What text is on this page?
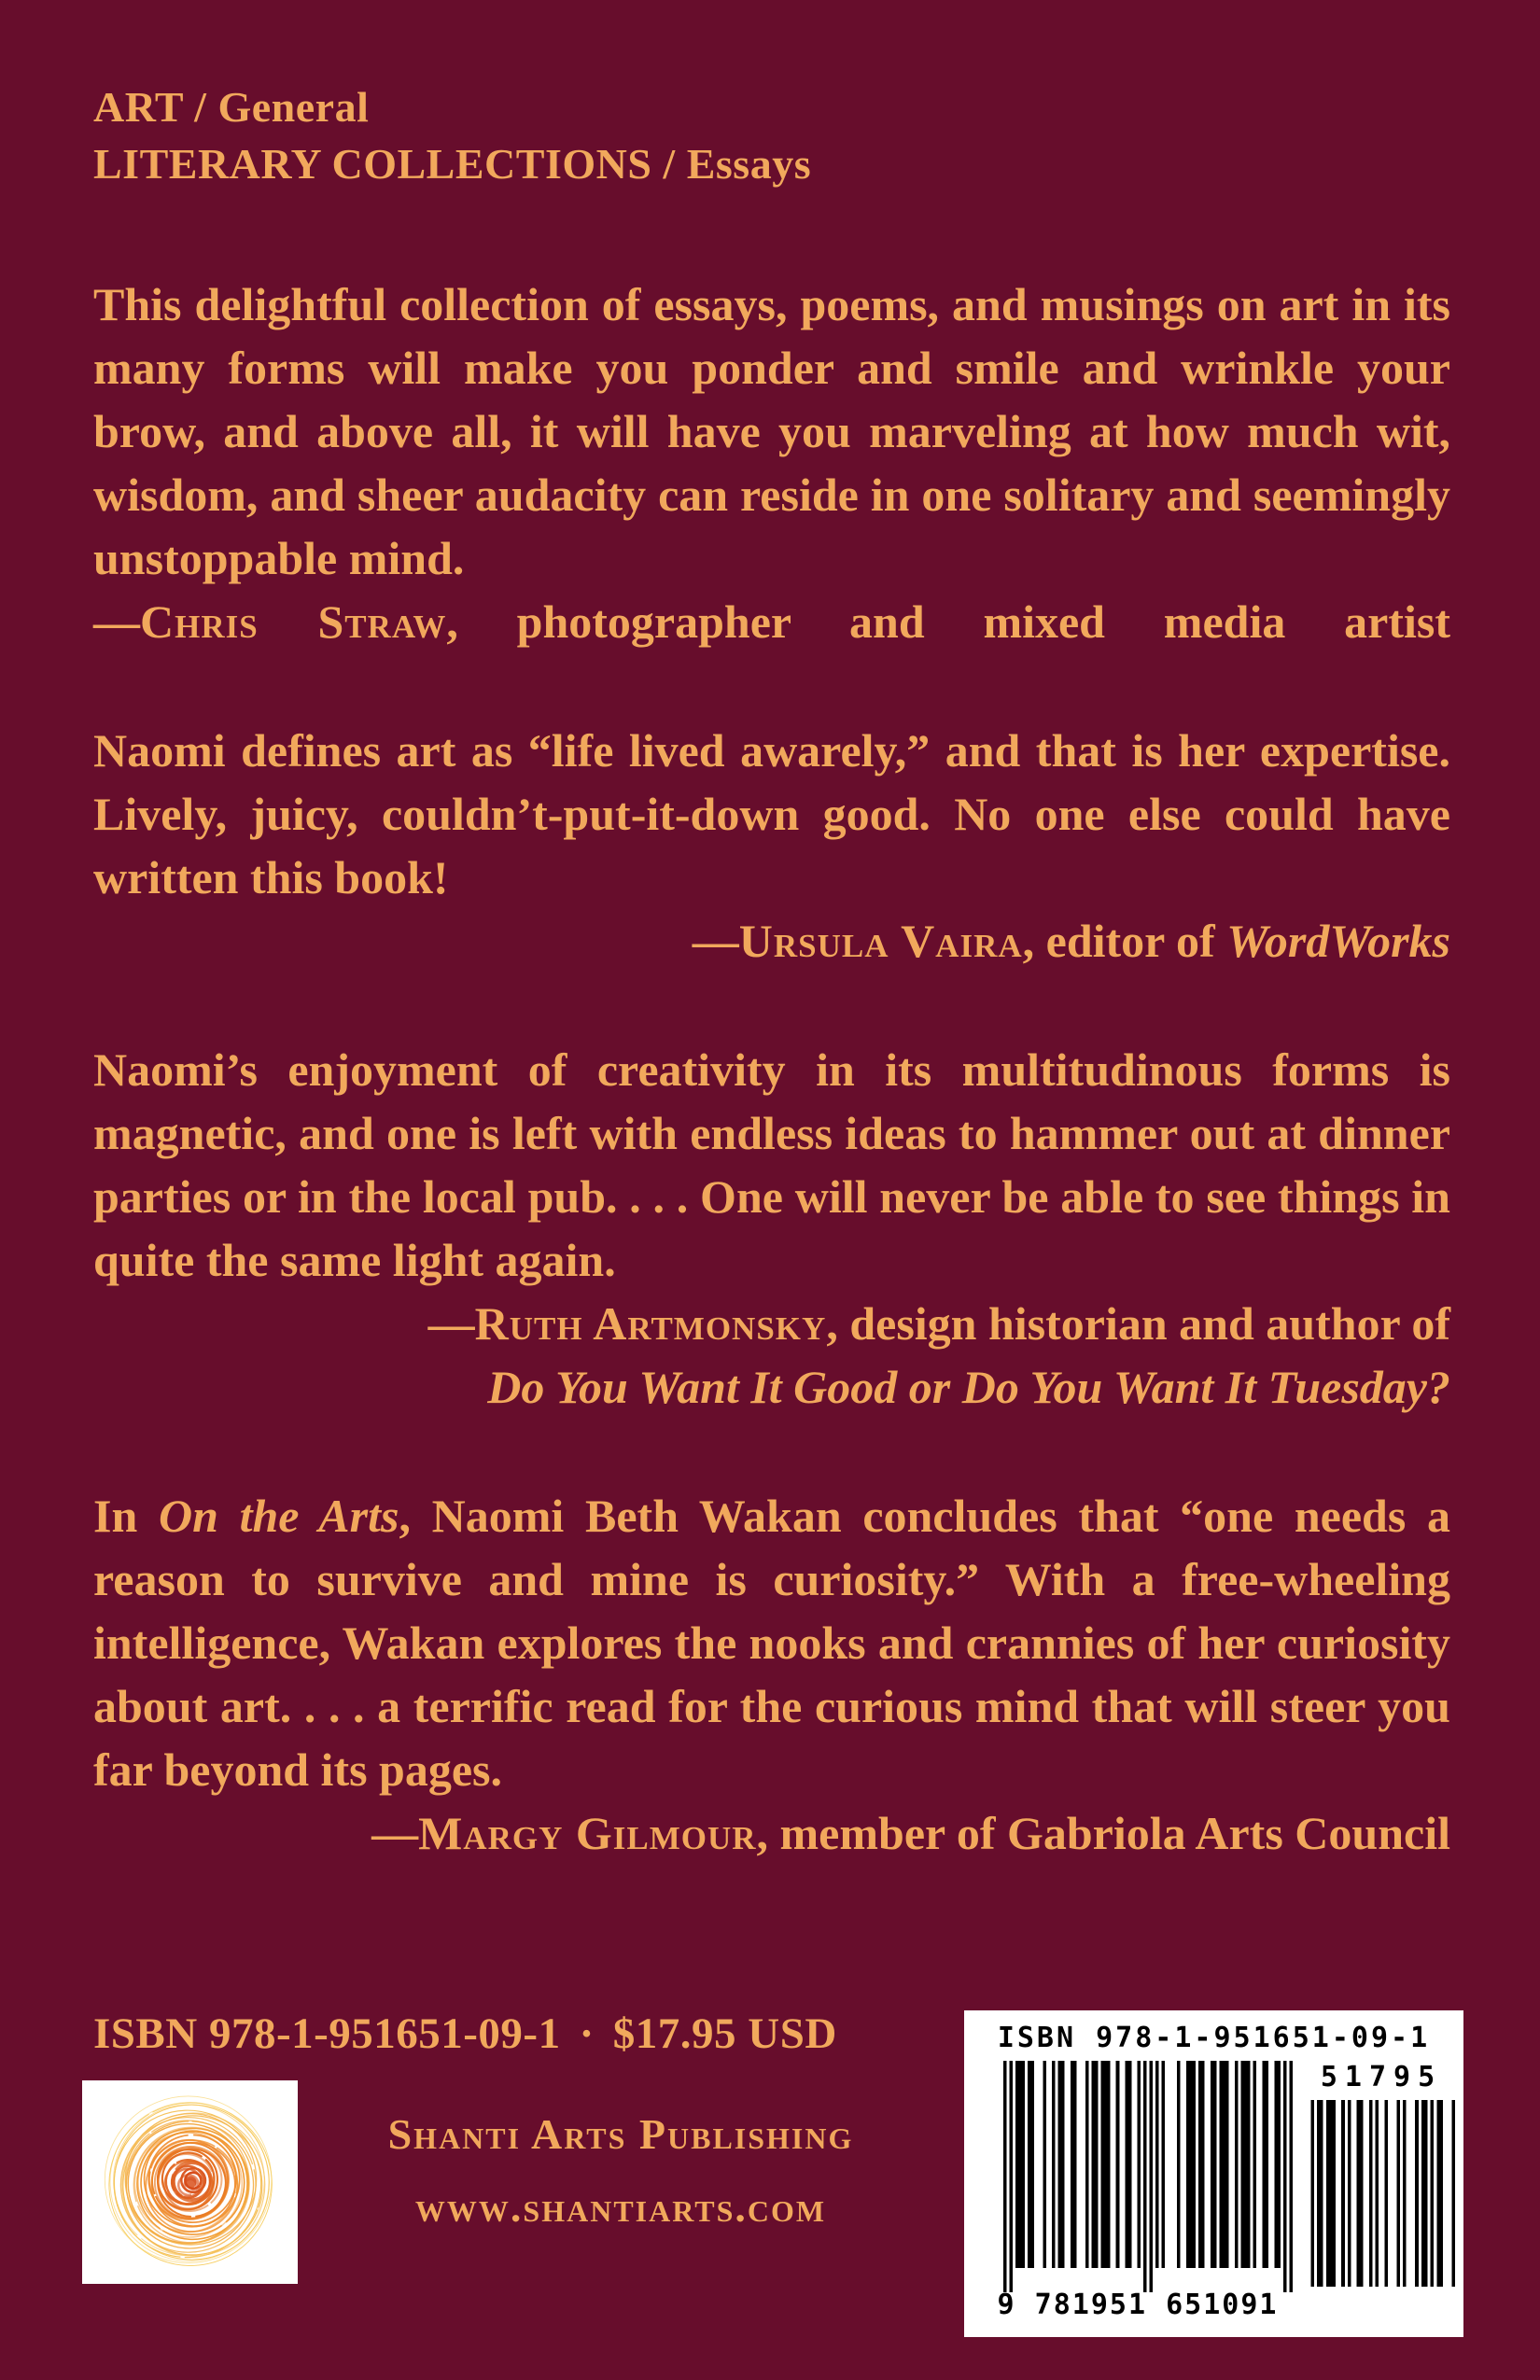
ART / General
LITERARY COLLECTIONS / Essays

This delightful collection of essays, poems, and musings on art in its many forms will make you ponder and smile and wrinkle your brow, and above all, it will have you marveling at how much wit, wisdom, and sheer audacity can reside in one solitary and seemingly unstoppable mind.

—Chris Straw, photographer and mixed media artist

Naomi defines art as “life lived awarely,” and that is her expertise. Lively, juicy, couldn’t-put-it-down good. No one else could have written this book!

—Ursula Vaira, editor of WordWorks

Naomi’s enjoyment of creativity in its multitudinous forms is magnetic, and one is left with endless ideas to hammer out at dinner parties or in the local pub. . . . One will never be able to see things in quite the same light again.

—Ruth Artmonsky, design historian and author of

Do You Want It Good or Do You Want It Tuesday?

In On the Arts, Naomi Beth Wakan concludes that “one needs a reason to survive and mine is curiosity.” With a free-wheeling intelligence, Wakan explores the nooks and crannies of her curiosity about art. . . . a terrific read for the curious mind that will steer you far beyond its pages.

—Margy Gilmour, member of Gabriola Arts Council

ISBN 978-1-951651-09-1 · $17.95 USD
Shanti Arts Publishing
www.shantiarts.com
ISBN 978-1-951651-09-1
51795
9 781951 651091
